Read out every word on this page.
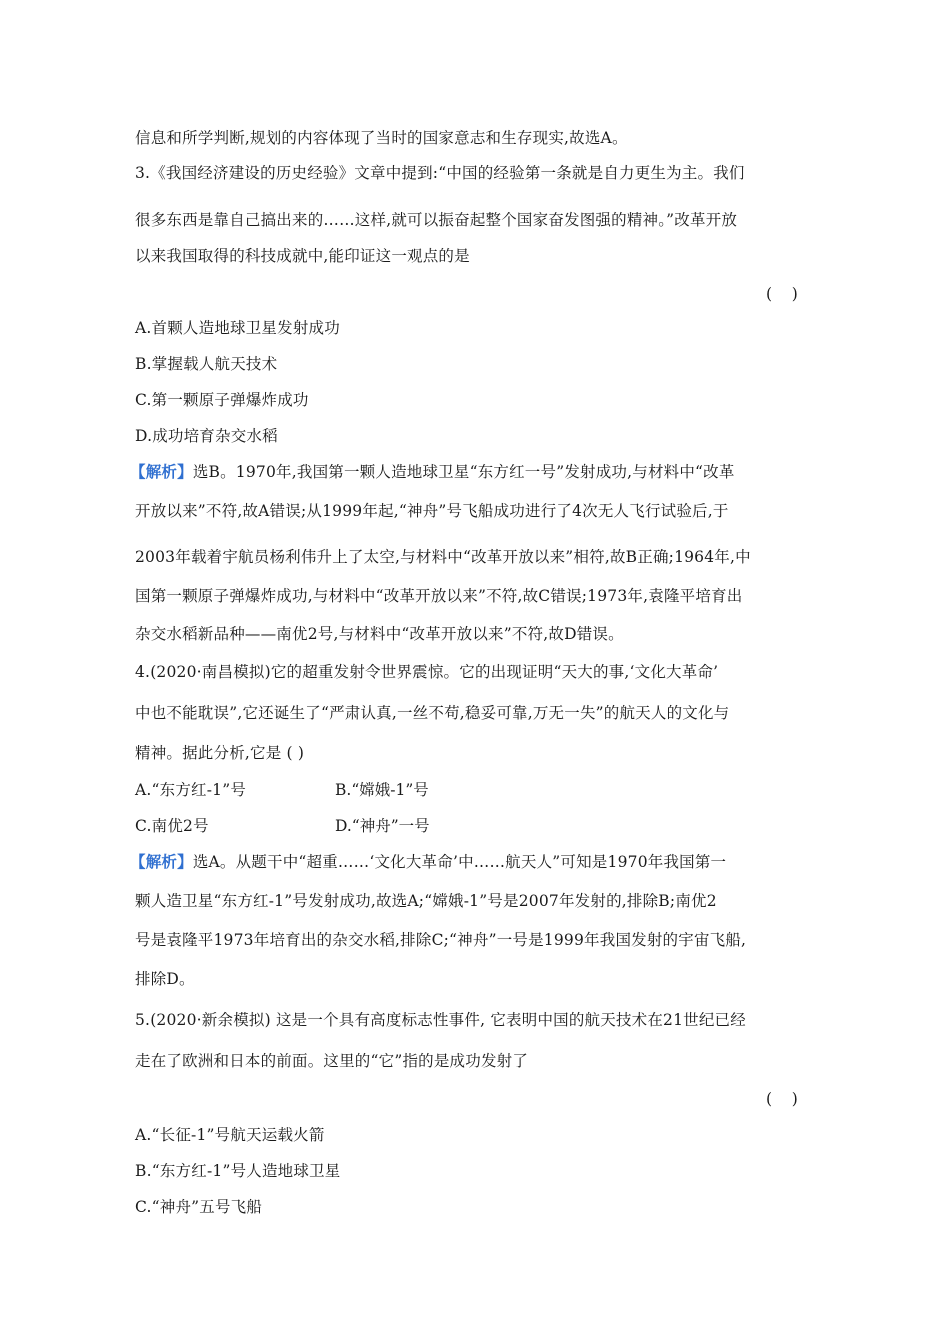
信息和所学判断,规划的内容体现了当时的国家意志和生存现实,故选A。
3.《我国经济建设的历史经验》文章中提到:“中国的经验第一条就是自力更生为主。我们
很多东西是靠自己搞出来的……这样,就可以振奋起整个国家奋发图强的精神。”改革开放
以来我国取得的科技成就中,能印证这一观点的是
(    )
A.首颗人造地球卫星发射成功
B.掌握载人航天技术
C.第一颗原子弹爆炸成功
D.成功培育杂交水稻
【解析】选B。1970年,我国第一颗人造地球卫星“东方红一号”发射成功,与材料中“改革
开放以来”不符,故A错误;从1999年起,“神舟”号飞船成功进行了4次无人飞行试验后,于
2003年载着宇航员杨利伟升上了太空,与材料中“改革开放以来”相符,故B正确;1964年,中
国第一颗原子弹爆炸成功,与材料中“改革开放以来”不符,故C错误;1973年,袁隆平培育出
杂交水稻新品种——南优2号,与材料中“改革开放以来”不符,故D错误。
4.(2020·南昌模拟)它的超重发射令世界震惊。它的出现证明“天大的事,‘文化大革命’
中也不能耽误”,它还诞生了“严肃认真,一丝不苟,稳妥可靠,万无一失”的航天人的文化与
精神。据此分析,它是 ( )
A.“东方红-1”号	B.“嫦娥-1”号
C.南优2号	D.“神舟”一号
【解析】选A。从题干中“超重……‘文化大革命’中……航天人”可知是1970年我国第一
颗人造卫星“东方红-1”号发射成功,故选A;“嫦娥-1”号是2007年发射的,排除B;南优2
号是袁隆平1973年培育出的杂交水稻,排除C;“神舟”一号是1999年我国发射的宇宙飞船,
排除D。
5.(2020·新余模拟) 这是一个具有高度标志性事件, 它表明中国的航天技术在21世纪已经
走在了欧洲和日本的前面。这里的“它”指的是成功发射了
(    )
A.“长征-1”号航天运载火箭
B.“东方红-1”号人造地球卫星
C.“神舟”五号飞船
